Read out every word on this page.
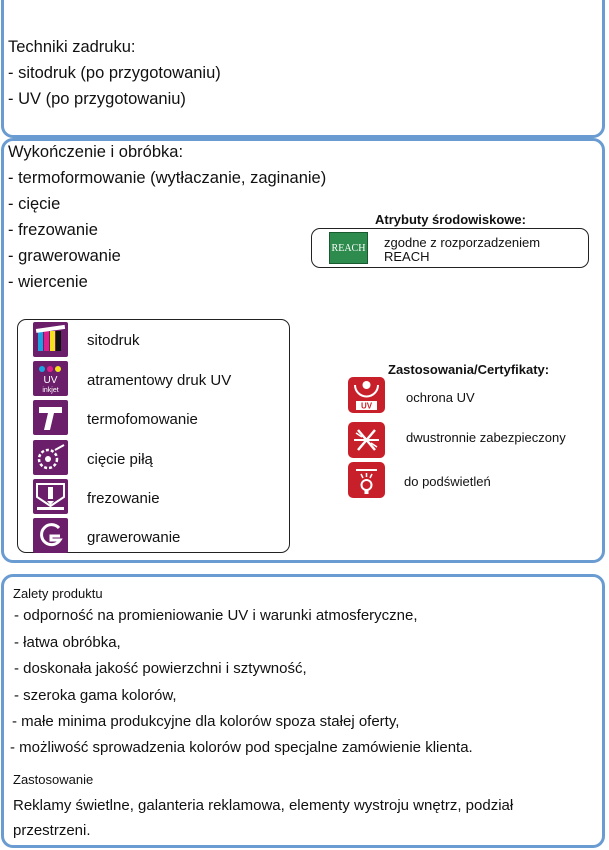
Techniki zadruku:
- sitodruk (po przygotowaniu)
- UV (po przygotowaniu)
Wykończenie i obróbka:
- termoformowanie (wytłaczanie, zaginanie)
- cięcie
- frezowanie
- grawerowanie
- wiercenie
Atrybuty środowiskowe:
REACH zgodne z rozporzadzeniem
REACH
sitodruk
UV
inkjet
atramentowy druk UV
termofomowanie
cięcie piłą
frezowanie
grawerowanie
Zastosowania/Certyfikaty:
UV
ochrona UV
dwustronnie zabezpieczony
do podświetleń
Zalety produktu
- odporność na promieniowanie UV i warunki atmosferyczne,
- łatwa obróbka,
- doskonała jakość powierzchni i sztywność,
- szeroka gama kolorów,
- małe minima produkcyjne dla kolorów spoza stałej oferty,
- możliwość sprowadzenia kolorów pod specjalne zamówienie klienta.
Zastosowanie
Reklamy świetlne, galanteria reklamowa, elementy wystroju wnętrz, podział
przestrzeni.
